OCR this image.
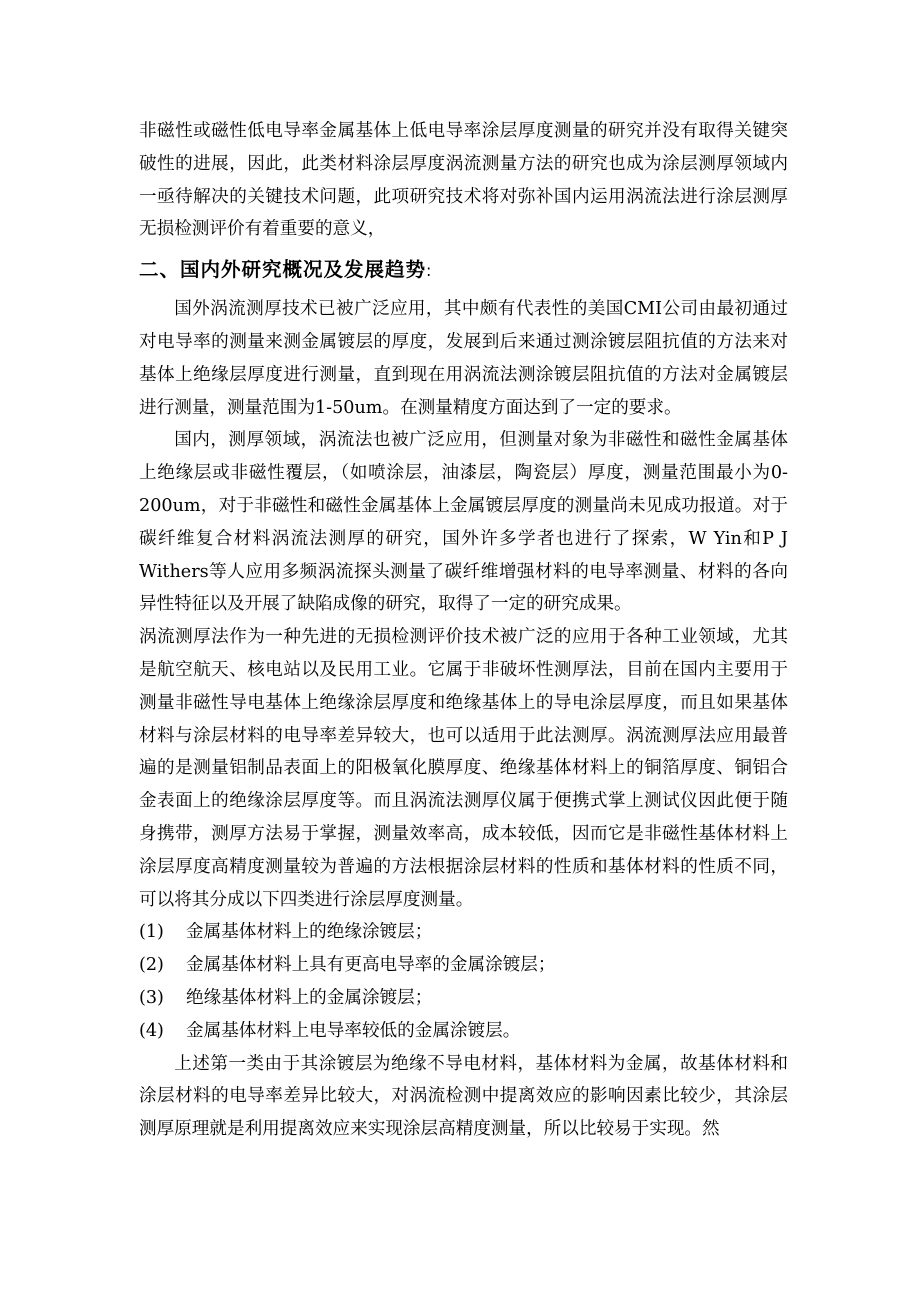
非磁性或磁性低电导率金属基体上低电导率涂层厚度测量的研究并没有取得关键突破性的进展，因此，此类材料涂层厚度涡流测量方法的研究也成为涂层测厚领域内一亟待解决的关键技术问题，此项研究技术将对弥补国内运用涡流法进行涂层测厚无损检测评价有着重要的意义，

二、国内外研究概况及发展趋势:

国外涡流测厚技术已被广泛应用，其中颇有代表性的美国CMI公司由最初通过对电导率的测量来测金属镀层的厚度，发展到后来通过测涂镀层阻抗值的方法来对基体上绝缘层厚度进行测量，直到现在用涡流法测涂镀层阻抗值的方法对金属镀层进行测量，测量范围为1-50um。在测量精度方面达到了一定的要求。

国内，测厚领域，涡流法也被广泛应用，但测量对象为非磁性和磁性金属基体上绝缘层或非磁性覆层，（如喷涂层，油漆层，陶瓷层）厚度，测量范围最小为0-200um，对于非磁性和磁性金属基体上金属镀层厚度的测量尚未见成功报道。对于碳纤维复合材料涡流法测厚的研究，国外许多学者也进行了探索，W Yin和P J Withers等人应用多频涡流探头测量了碳纤维增强材料的电导率测量、材料的各向异性特征以及开展了缺陷成像的研究，取得了一定的研究成果。

涡流测厚法作为一种先进的无损检测评价技术被广泛的应用于各种工业领域，尤其是航空航天、核电站以及民用工业。它属于非破坏性测厚法，目前在国内主要用于测量非磁性导电基体上绝缘涂层厚度和绝缘基体上的导电涂层厚度，而且如果基体材料与涂层材料的电导率差异较大，也可以适用于此法测厚。涡流测厚法应用最普遍的是测量铝制品表面上的阳极氧化膜厚度、绝缘基体材料上的铜箔厚度、铜铝合金表面上的绝缘涂层厚度等。而且涡流法测厚仪属于便携式掌上测试仪因此便于随身携带，测厚方法易于掌握，测量效率高，成本较低，因而它是非磁性基体材料上涂层厚度高精度测量较为普遍的方法根据涂层材料的性质和基体材料的性质不同，可以将其分成以下四类进行涂层厚度测量。

(1)	金属基体材料上的绝缘涂镀层；
(2)	金属基体材料上具有更高电导率的金属涂镀层；
(3)	绝缘基体材料上的金属涂镀层；
(4)	金属基体材料上电导率较低的金属涂镀层。

上述第一类由于其涂镀层为绝缘不导电材料，基体材料为金属，故基体材料和涂层材料的电导率差异比较大，对涡流检测中提离效应的影响因素比较少，其涂层测厚原理就是利用提离效应来实现涂层高精度测量，所以比较易于实现。然
